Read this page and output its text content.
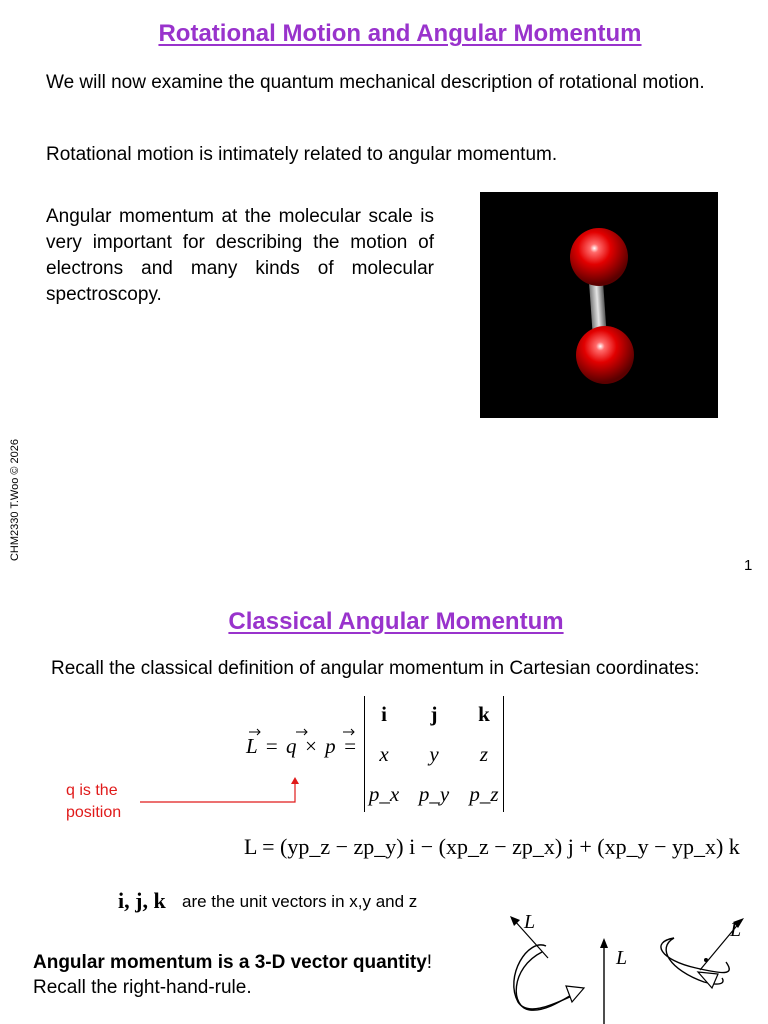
CHM2330 T.Woo © 2026
Rotational Motion and Angular Momentum
We will now examine the quantum mechanical description of rotational motion.
Rotational motion is intimately related to angular momentum.
Angular momentum at the molecular scale is very important for describing the motion of electrons and many kinds of molecular spectroscopy.
1
Classical Angular Momentum
Recall the classical definition of angular momentum in Cartesian coordinates:
L = q × p =
i	j	k
x	y	z
p_x p_y p_z
q is the position
L = (yp_z − zp_y) i − (xp_z − zp_x) j + (xp_y − yp_x) k
i, j, k are the unit vectors in x,y and z
Angular momentum is a 3-D vector quantity!
Recall the right-hand-rule.
L
L
L
